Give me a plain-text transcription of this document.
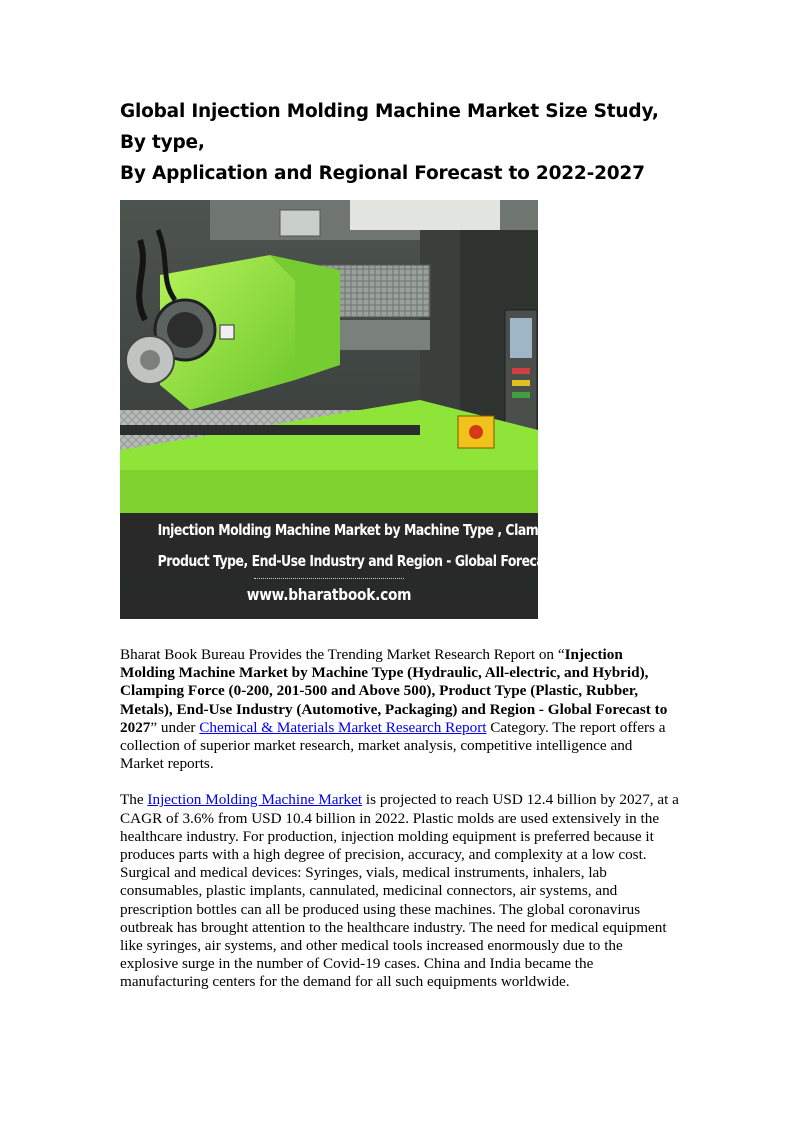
Global Injection Molding Machine Market Size Study, By type,
By Application and Regional Forecast to 2022-2027
Injection Molding Machine Market by Machine Type , Clamping Force,
Product Type, End-Use Industry and Region - Global Forecast to 2027
www.bharatbook.com

Bharat Book Bureau Provides the Trending Market Research Report on “Injection Molding Machine Market by Machine Type (Hydraulic, All-electric, and Hybrid), Clamping Force (0-200, 201-500 and Above 500), Product Type (Plastic, Rubber, Metals), End-Use Industry (Automotive, Packaging) and Region - Global Forecast to 2027” under Chemical & Materials Market Research Report Category. The report offers a collection of superior market research, market analysis, competitive intelligence and Market reports.

The Injection Molding Machine Market is projected to reach USD 12.4 billion by 2027, at a CAGR of 3.6% from USD 10.4 billion in 2022. Plastic molds are used extensively in the healthcare industry. For production, injection molding equipment is preferred because it produces parts with a high degree of precision, accuracy, and complexity at a low cost. Surgical and medical devices: Syringes, vials, medical instruments, inhalers, lab consumables, plastic implants, cannulated, medicinal connectors, air systems, and prescription bottles can all be produced using these machines. The global coronavirus outbreak has brought attention to the healthcare industry. The need for medical equipment like syringes, air systems, and other medical tools increased enormously due to the explosive surge in the number of Covid-19 cases. China and India became the manufacturing centers for the demand for all such equipments worldwide.
